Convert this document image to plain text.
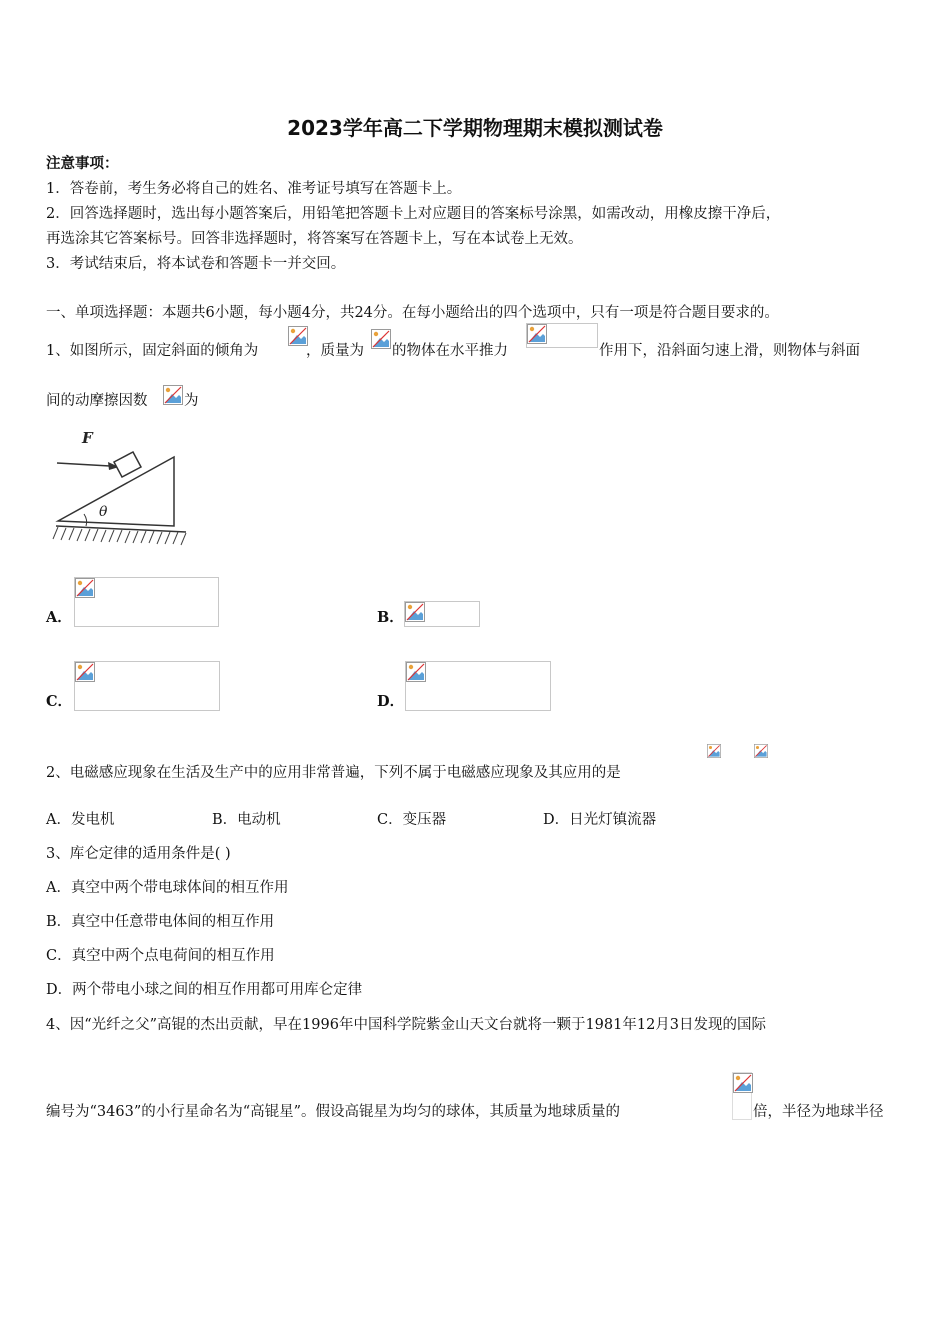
2023学年高二下学期物理期末模拟测试卷
注意事项：
1．答卷前，考生务必将自己的姓名、准考证号填写在答题卡上。
2．回答选择题时，选出每小题答案后，用铅笔把答题卡上对应题目的答案标号涂黑，如需改动，用橡皮擦干净后，
再选涂其它答案标号。回答非选择题时，将答案写在答题卡上，写在本试卷上无效。
3．考试结束后，将本试卷和答题卡一并交回。
一、单项选择题：本题共6小题，每小题4分，共24分。在每小题给出的四个选项中，只有一项是符合题目要求的。
1、如图所示，固定斜面的倾角为	，质量为 的物体在水平推力	作用下，沿斜面匀速上滑，则物体与斜面
间的动摩擦因数	为
F
θ
A．	B．
C．	D．
2、电磁感应现象在生活及生产中的应用非常普遍，下列不属于电磁感应现象及其应用的是
A．发电机	B．电动机	C．变压器	D．日光灯镇流器
3、库仑定律的适用条件是( )
A．真空中两个带电球体间的相互作用
B．真空中任意带电体间的相互作用
C．真空中两个点电荷间的相互作用
D．两个带电小球之间的相互作用都可用库仑定律
4、因“光纤之父”高锟的杰出贡献，早在1996年中国科学院紫金山天文台就将一颗于1981年12月3日发现的国际
编号为“3463”的小行星命名为“高锟星”。假设高锟星为均匀的球体，其质量为地球质量的	倍，半径为地球半径
